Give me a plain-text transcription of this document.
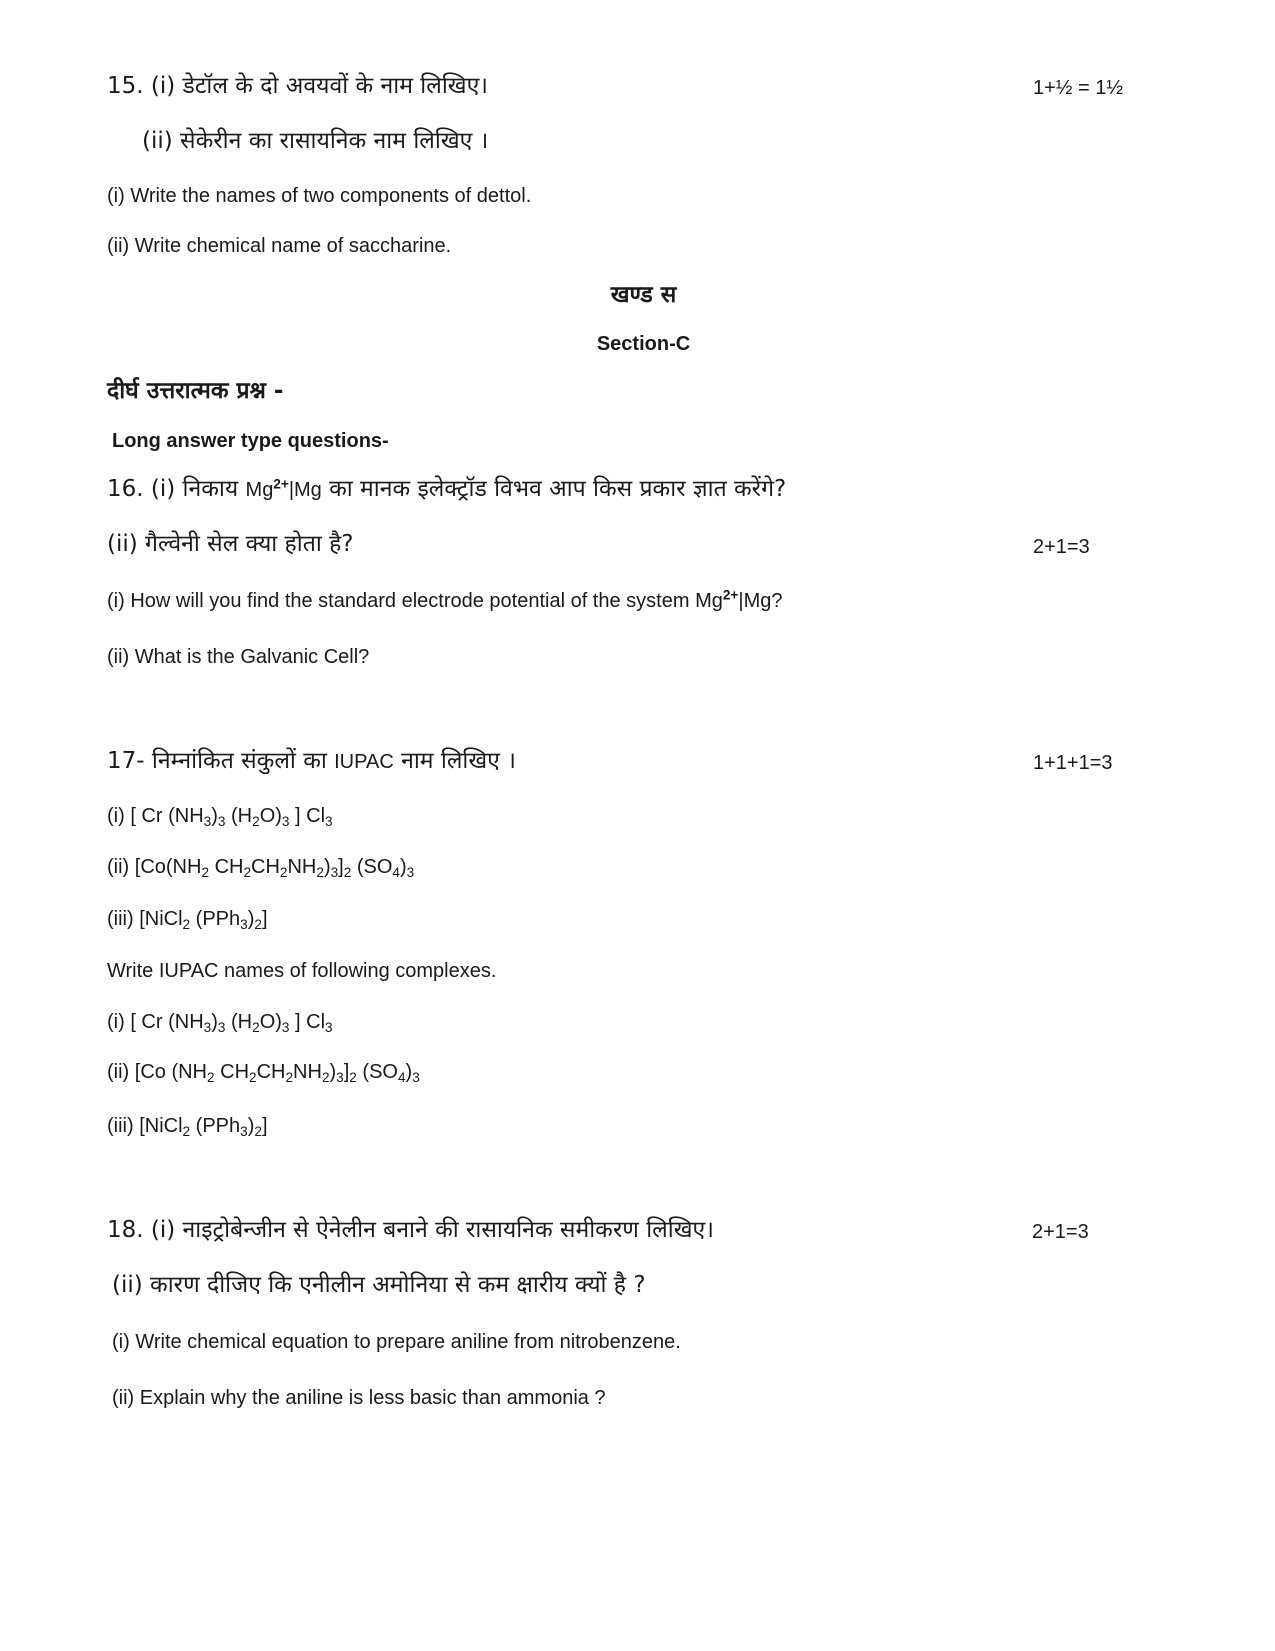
15. (i) डेटॉल के दो अवयवों के नाम लिखिए।	1+½ = 1½
(ii) सेकेरीन का रासायनिक नाम लिखिए ।
(i) Write the names of two components of dettol.
(ii) Write chemical name of saccharine.
खण्ड स
Section-C
दीर्घ उत्तरात्मक प्रश्न -
Long answer type questions-
16. (i) निकाय $Mg^{2+}|Mg$ का मानक इलेक्ट्रॉड विभव आप किस प्रकार ज्ञात करेंगे?
(ii) गैल्वेनी सेल क्या होता है?	2+1=3
(i) How will you find the standard electrode potential of the system $Mg^{2+}|Mg$?
(ii) What is the Galvanic Cell?
17- निम्नांकित संकुलों का IUPAC नाम लिखिए ।	1+1+1=3
(i) [ Cr $(NH_3)_3$ $(H_2O)_3$ ] $Cl_3$
(ii) [$Co(NH_2$ $CH_2CH_2NH_2)_3]_2$ $(SO_4)_3$
(iii) [NiCl$_2$ $(PPh_3)_2$]
Write IUPAC names of following complexes.
(i) [ Cr $(NH_3)_3$ $(H_2O)_3$ ] $Cl_3$
(ii) [Co ($NH_2$ $CH_2CH_2NH_2)_3]_2$ $(SO_4)_3$
(iii) [NiCl$_2$ $(PPh_3)_2$]
18. (i) नाइट्रोबेन्जीन से ऐनेलीन बनाने की रासायनिक समीकरण लिखिए।	2+1=3
(ii) कारण दीजिए कि एनीलीन अमोनिया से कम क्षारीय क्यों है ?
(i) Write chemical equation to prepare aniline from nitrobenzene.
(ii) Explain why the aniline is less basic than ammonia ?
